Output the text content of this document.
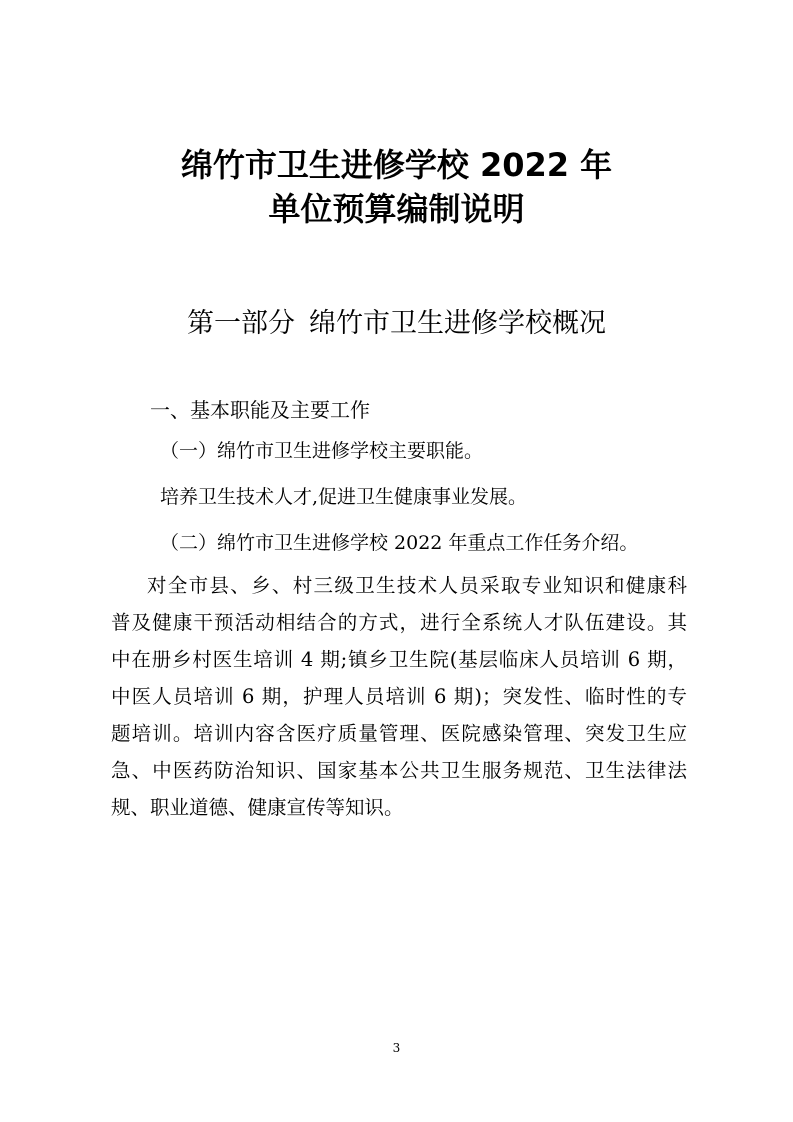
绵竹市卫生进修学校 2022 年
单位预算编制说明
第一部分 绵竹市卫生进修学校概况
一、基本职能及主要工作
（一）绵竹市卫生进修学校主要职能。
培养卫生技术人才,促进卫生健康事业发展。
（二）绵竹市卫生进修学校 2022 年重点工作任务介绍。
对全市县、乡、村三级卫生技术人员采取专业知识和健康科
普及健康干预活动相结合的方式，进行全系统人才队伍建设。其
中在册乡村医生培训 4 期;镇乡卫生院(基层临床人员培训 6 期，
中医人员培训 6 期，护理人员培训 6 期)；突发性、临时性的专
题培训。培训内容含医疗质量管理、医院感染管理、突发卫生应
急、中医药防治知识、国家基本公共卫生服务规范、卫生法律法
规、职业道德、健康宣传等知识。
3
